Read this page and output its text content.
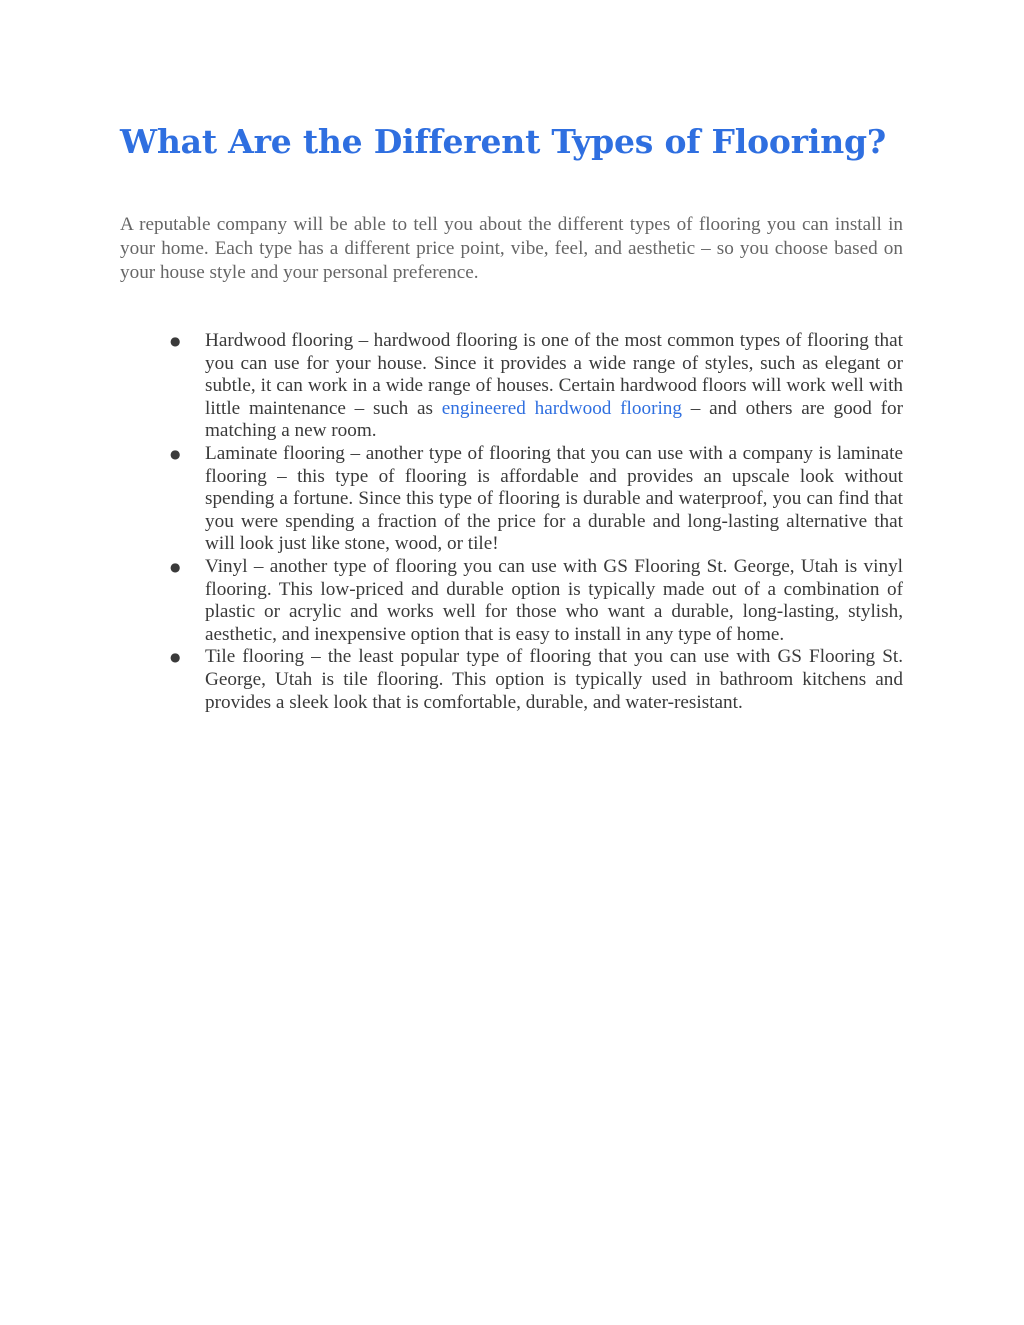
What Are the Different Types of Flooring?

A reputable company will be able to tell you about the different types of flooring you can install in your home. Each type has a different price point, vibe, feel, and aesthetic – so you choose based on your house style and your personal preference.

● Hardwood flooring – hardwood flooring is one of the most common types of flooring that you can use for your house. Since it provides a wide range of styles, such as elegant or subtle, it can work in a wide range of houses. Certain hardwood floors will work well with little maintenance – such as engineered hardwood flooring – and others are good for matching a new room.
● Laminate flooring – another type of flooring that you can use with a company is laminate flooring – this type of flooring is affordable and provides an upscale look without spending a fortune. Since this type of flooring is durable and waterproof, you can find that you were spending a fraction of the price for a durable and long-lasting alternative that will look just like stone, wood, or tile!
● Vinyl – another type of flooring you can use with GS Flooring St. George, Utah is vinyl flooring. This low-priced and durable option is typically made out of a combination of plastic or acrylic and works well for those who want a durable, long-lasting, stylish, aesthetic, and inexpensive option that is easy to install in any type of home.
● Tile flooring – the least popular type of flooring that you can use with GS Flooring St. George, Utah is tile flooring. This option is typically used in bathroom kitchens and provides a sleek look that is comfortable, durable, and water-resistant.
